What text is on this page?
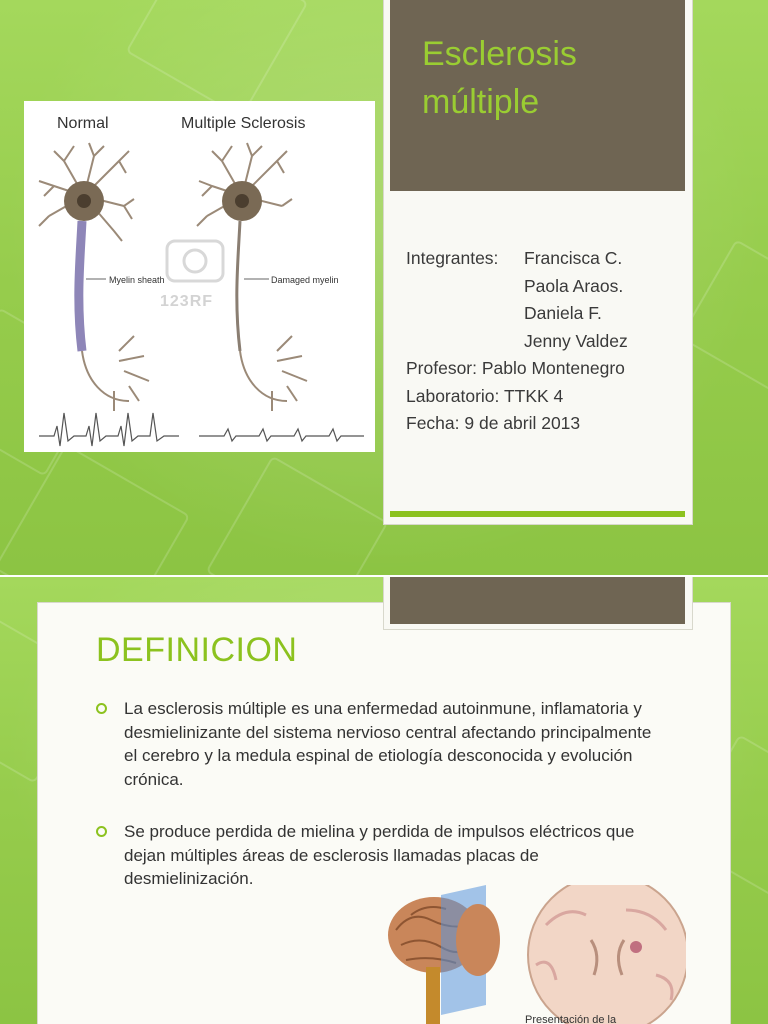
Normal	Multiple Sclerosis
Myelin sheath	Damaged myelin
123RF
Esclerosis múltiple
Integrantes:	Francisca C.
Paola Araos.
Daniela F.
Jenny Valdez
Profesor: Pablo Montenegro
Laboratorio: TTKK 4
Fecha: 9 de abril 2013
DEFINICION
La esclerosis múltiple es una enfermedad autoinmune, inflamatoria y desmielinizante del sistema nervioso central afectando principalmente el cerebro y la medula espinal de etiología desconocida y evolución crónica.
Se produce perdida de mielina y perdida de impulsos eléctricos que dejan múltiples áreas de esclerosis llamadas placas de desmielinización.
Presentación de la
